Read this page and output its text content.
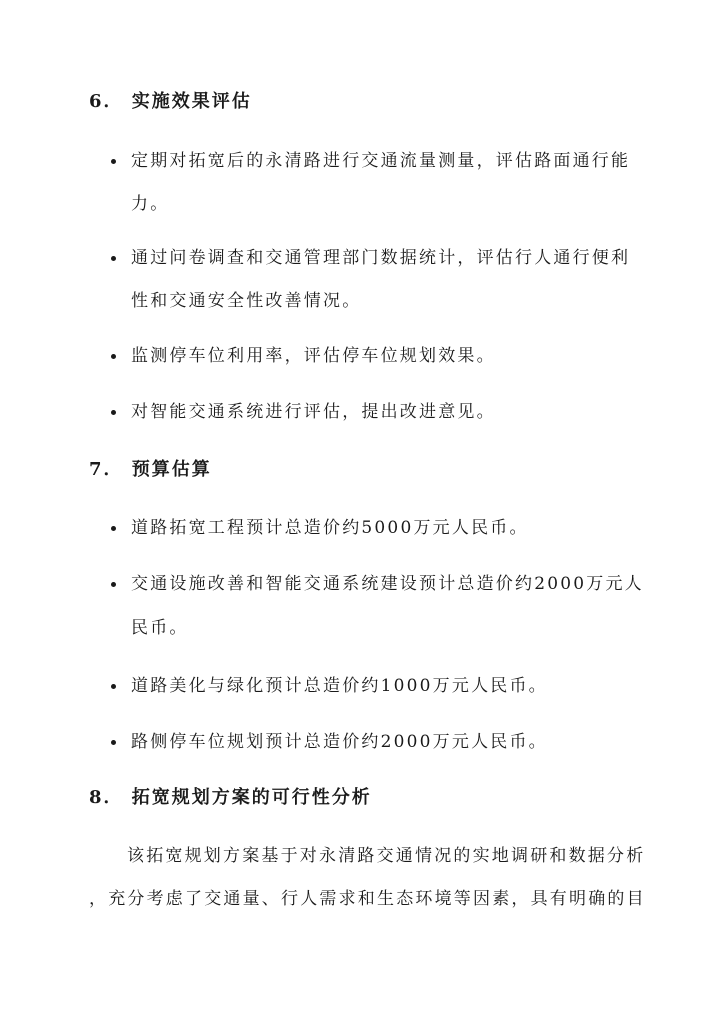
6． 实施效果评估
定期对拓宽后的永清路进行交通流量测量，评估路面通行能
力。
通过问卷调查和交通管理部门数据统计，评估行人通行便利
性和交通安全性改善情况。
监测停车位利用率，评估停车位规划效果。
对智能交通系统进行评估，提出改进意见。
7． 预算估算
道路拓宽工程预计总造价约5000万元人民币。
交通设施改善和智能交通系统建设预计总造价约2000万元人
民币。
道路美化与绿化预计总造价约1000万元人民币。
路侧停车位规划预计总造价约2000万元人民币。
8． 拓宽规划方案的可行性分析
该拓宽规划方案基于对永清路交通情况的实地调研和数据分析
，充分考虑了交通量、行人需求和生态环境等因素，具有明确的目
